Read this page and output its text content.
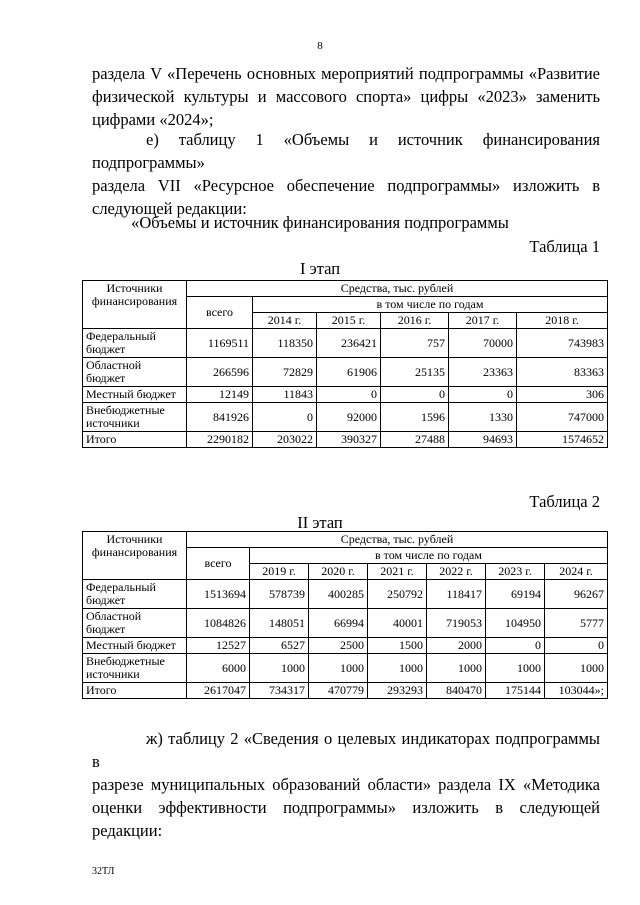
8
раздела V «Перечень основных мероприятий подпрограммы «Развитие
физической культуры и массового спорта» цифры «2023» заменить
цифрами «2024»;
е) таблицу 1 «Объемы и источник финансирования подпрограммы»
раздела VII «Ресурсное обеспечение подпрограммы» изложить в
следующей редакции:
«Объемы и источник финансирования подпрограммы
Таблица 1
I этап
Источники финансирования	Средства, тыс. рублей					
	всего	в том числе по годам				
		2014 г.	2015 г.	2016 г.	2017 г.	2018 г.
Федеральный бюджет	1169511	118350	236421	757	70000	743983
Областной бюджет	266596	72829	61906	25135	23363	83363
Местный бюджет	12149	11843	0	0	0	306
Внебюджетные источники	841926	0	92000	1596	1330	747000
Итого	2290182	203022	390327	27488	94693	1574652
Таблица 2
II этап
Источники финансирования	Средства, тыс. рублей						
	всего	в том числе по годам					
		2019 г.	2020 г.	2021 г.	2022 г.	2023 г.	2024 г.
Федеральный бюджет	1513694	578739	400285	250792	118417	69194	96267
Областной бюджет	1084826	148051	66994	40001	719053	104950	5777
Местный бюджет	12527	6527	2500	1500	2000	0	0
Внебюджетные источники	6000	1000	1000	1000	1000	1000	1000
Итого	2617047	734317	470779	293293	840470	175144	103044»;
ж) таблицу 2 «Сведения о целевых индикаторах подпрограммы в
разрезе муниципальных образований области» раздела IX «Методика
оценки эффективности подпрограммы» изложить в следующей редакции:
32ТЛ
